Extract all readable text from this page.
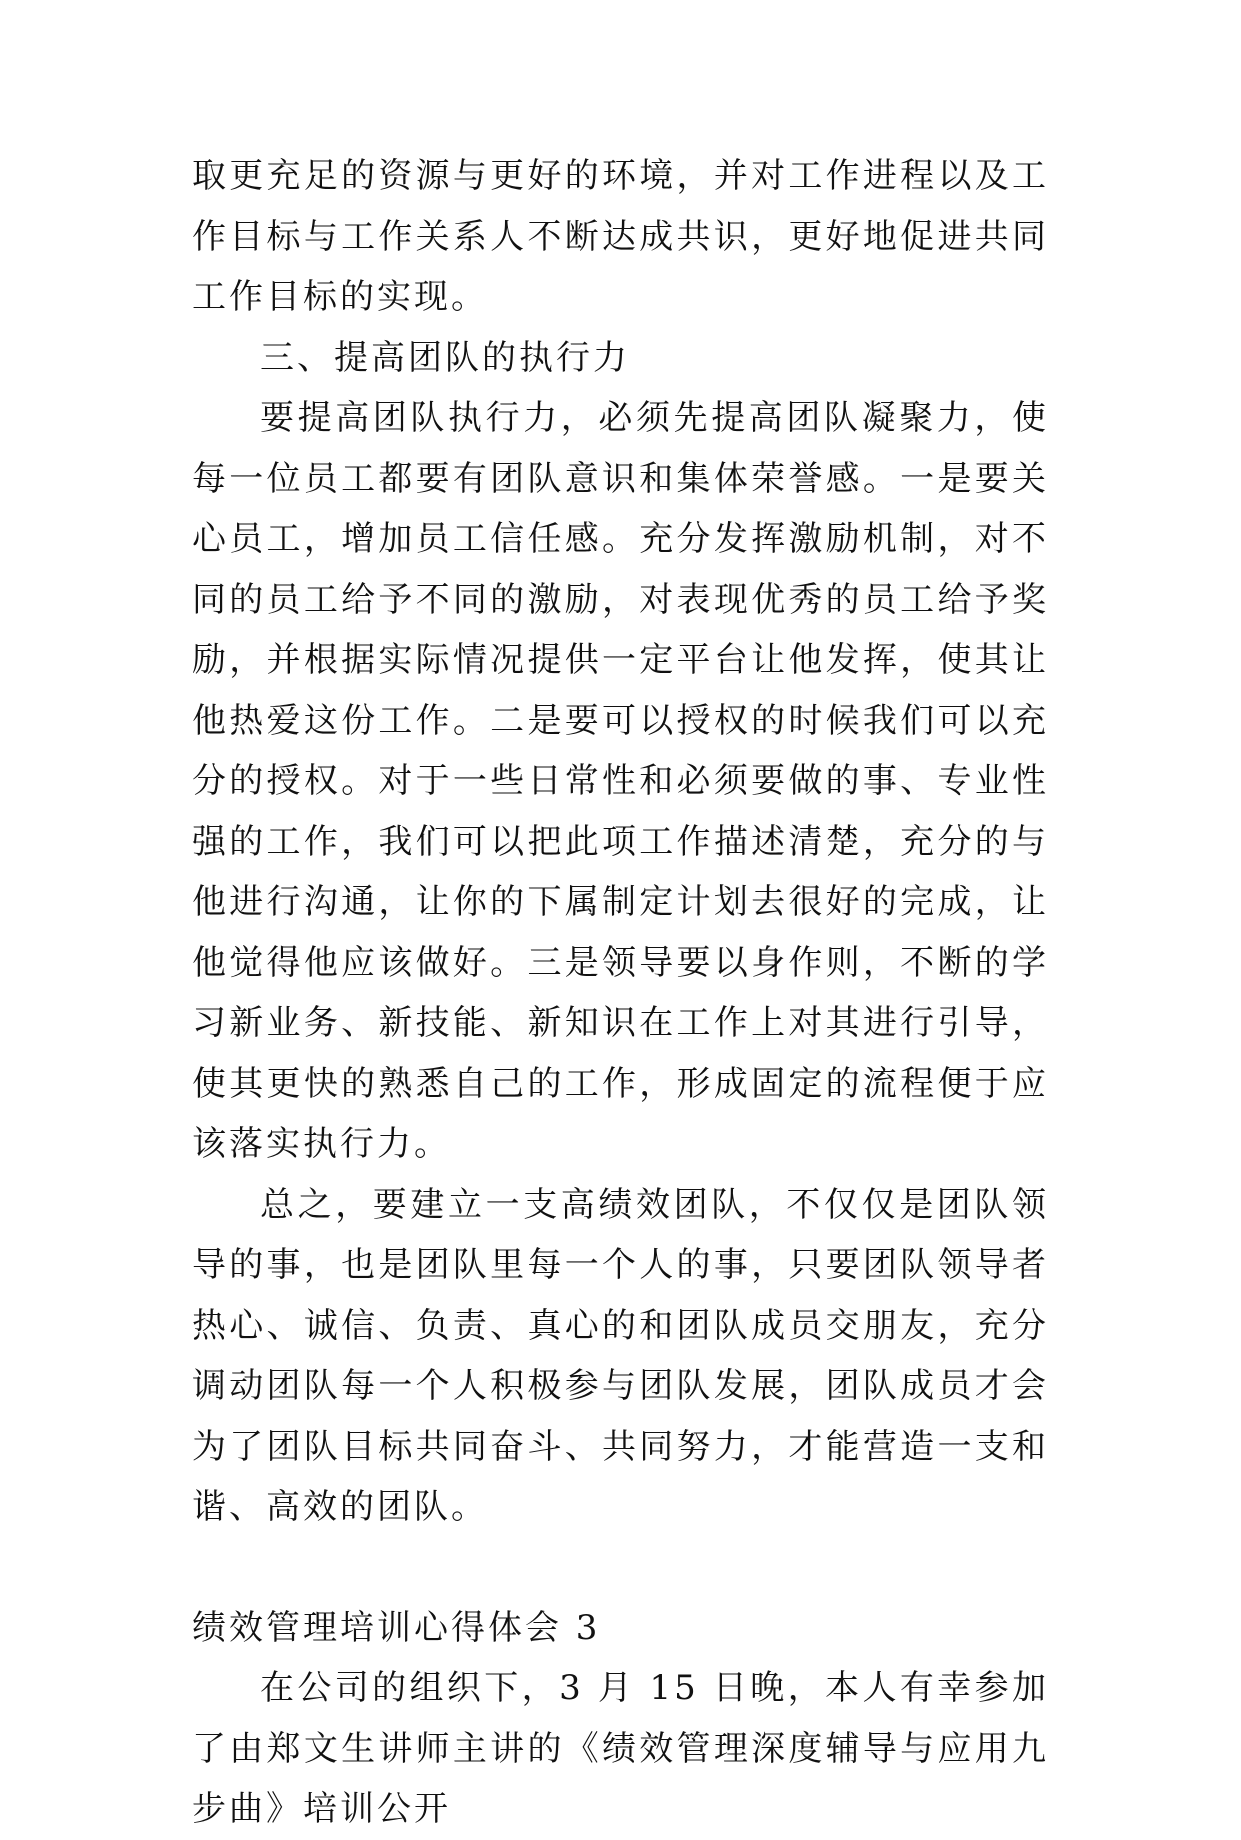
取更充足的资源与更好的环境，并对工作进程以及工作目标与工作关系人不断达成共识，更好地促进共同工作目标的实现。

三、提高团队的执行力

要提高团队执行力，必须先提高团队凝聚力，使每一位员工都要有团队意识和集体荣誉感。一是要关心员工，增加员工信任感。充分发挥激励机制，对不同的员工给予不同的激励，对表现优秀的员工给予奖励，并根据实际情况提供一定平台让他发挥，使其让他热爱这份工作。二是要可以授权的时候我们可以充分的授权。对于一些日常性和必须要做的事、专业性强的工作，我们可以把此项工作描述清楚，充分的与他进行沟通，让你的下属制定计划去很好的完成，让他觉得他应该做好。三是领导要以身作则，不断的学习新业务、新技能、新知识在工作上对其进行引导，使其更快的熟悉自己的工作，形成固定的流程便于应该落实执行力。

总之，要建立一支高绩效团队，不仅仅是团队领导的事，也是团队里每一个人的事，只要团队领导者热心、诚信、负责、真心的和团队成员交朋友，充分调动团队每一个人积极参与团队发展，团队成员才会为了团队目标共同奋斗、共同努力，才能营造一支和谐、高效的团队。

绩效管理培训心得体会 3

在公司的组织下，3 月 15 日晚，本人有幸参加了由郑文生讲师主讲的《绩效管理深度辅导与应用九步曲》培训公开
